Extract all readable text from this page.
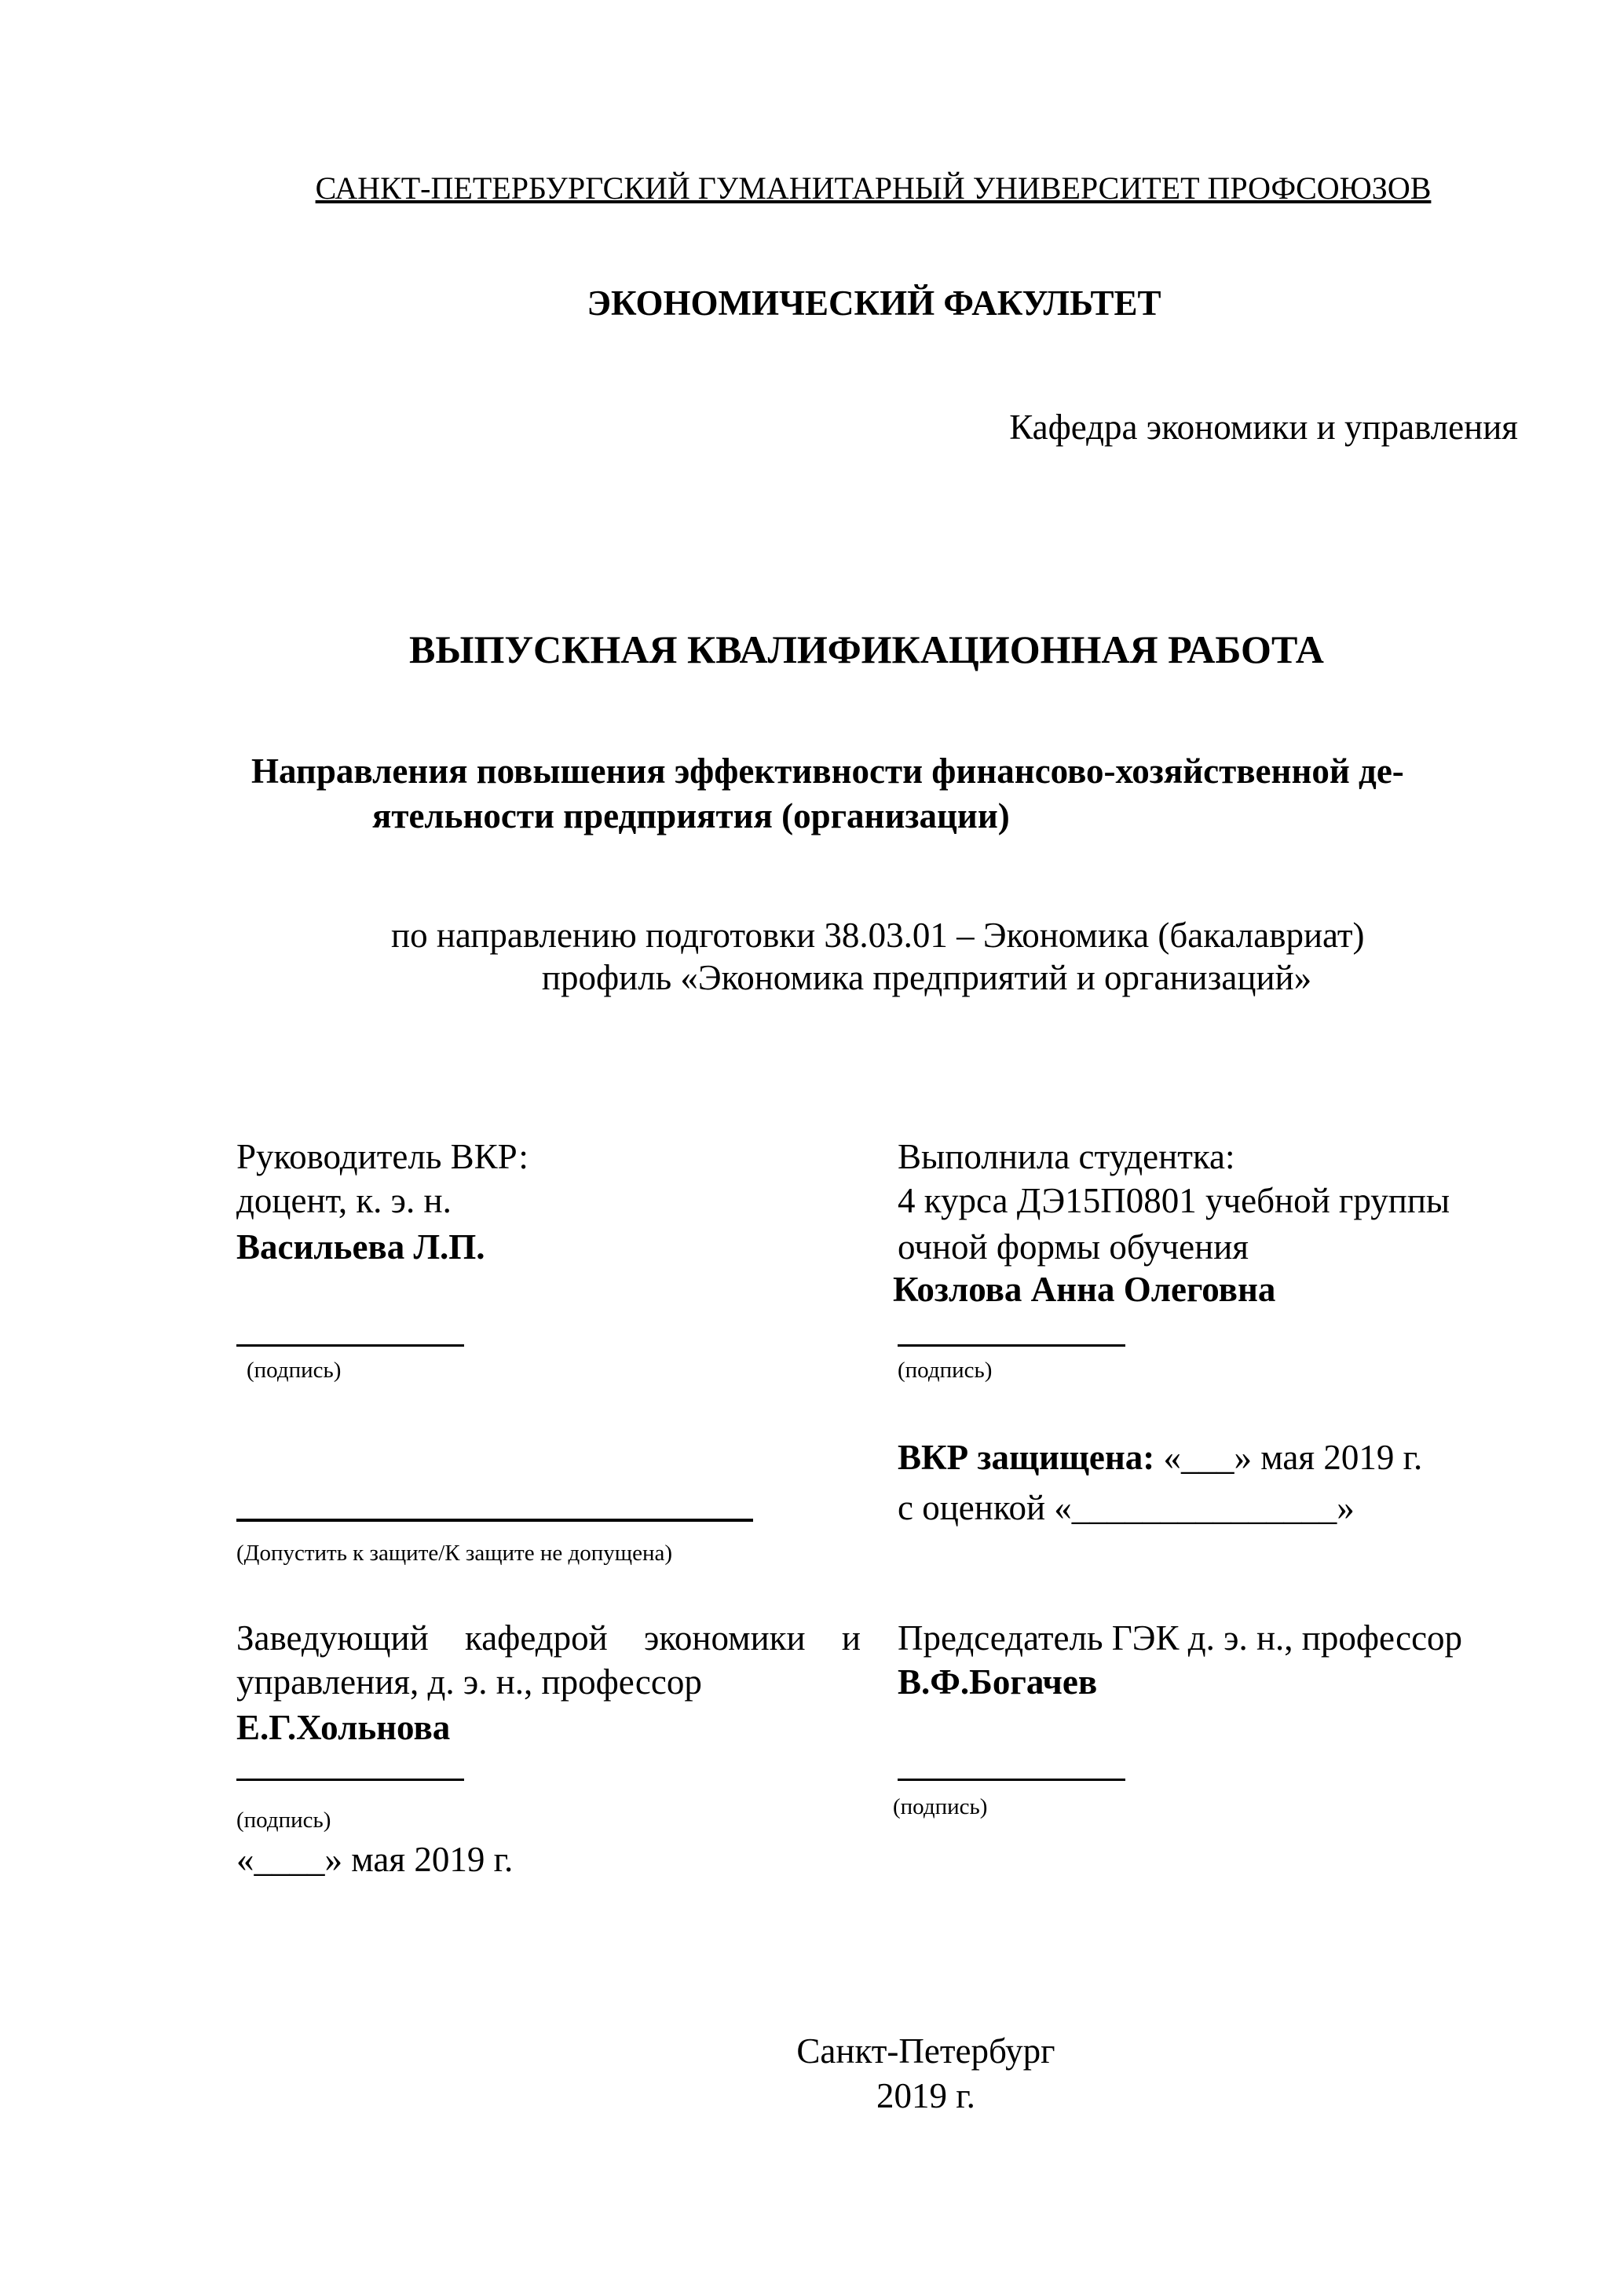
САНКТ-ПЕТЕРБУРГСКИЙ ГУМАНИТАРНЫЙ УНИВЕРСИТЕТ ПРОФСОЮЗОВ
ЭКОНОМИЧЕСКИЙ ФАКУЛЬТЕТ
Кафедра экономики и управления
ВЫПУСКНАЯ КВАЛИФИКАЦИОННАЯ РАБОТА
Направления повышения эффективности финансово-хозяйственной де-
ятельности предприятия (организации)
по направлению подготовки 38.03.01 – Экономика (бакалавриат)
профиль «Экономика предприятий и организаций»
Руководитель ВКР:
доцент, к. э. н.
Васильева Л.П.
(подпись)
Выполнила студентка:
4 курса ДЭ15П0801 учебной группы
очной формы обучения
Козлова Анна Олеговна
(подпись)
ВКР защищена: «___» мая 2019 г.
с оценкой «_______________»
(Допустить к защите/К защите не допущена)
Заведующий кафедрой экономики и
управления, д. э. н., профессор
Е.Г.Хольнова
(подпись)
«____» мая 2019 г.
Председатель ГЭК д. э. н., профессор
В.Ф.Богачев
(подпись)
Санкт-Петербург
2019 г.
